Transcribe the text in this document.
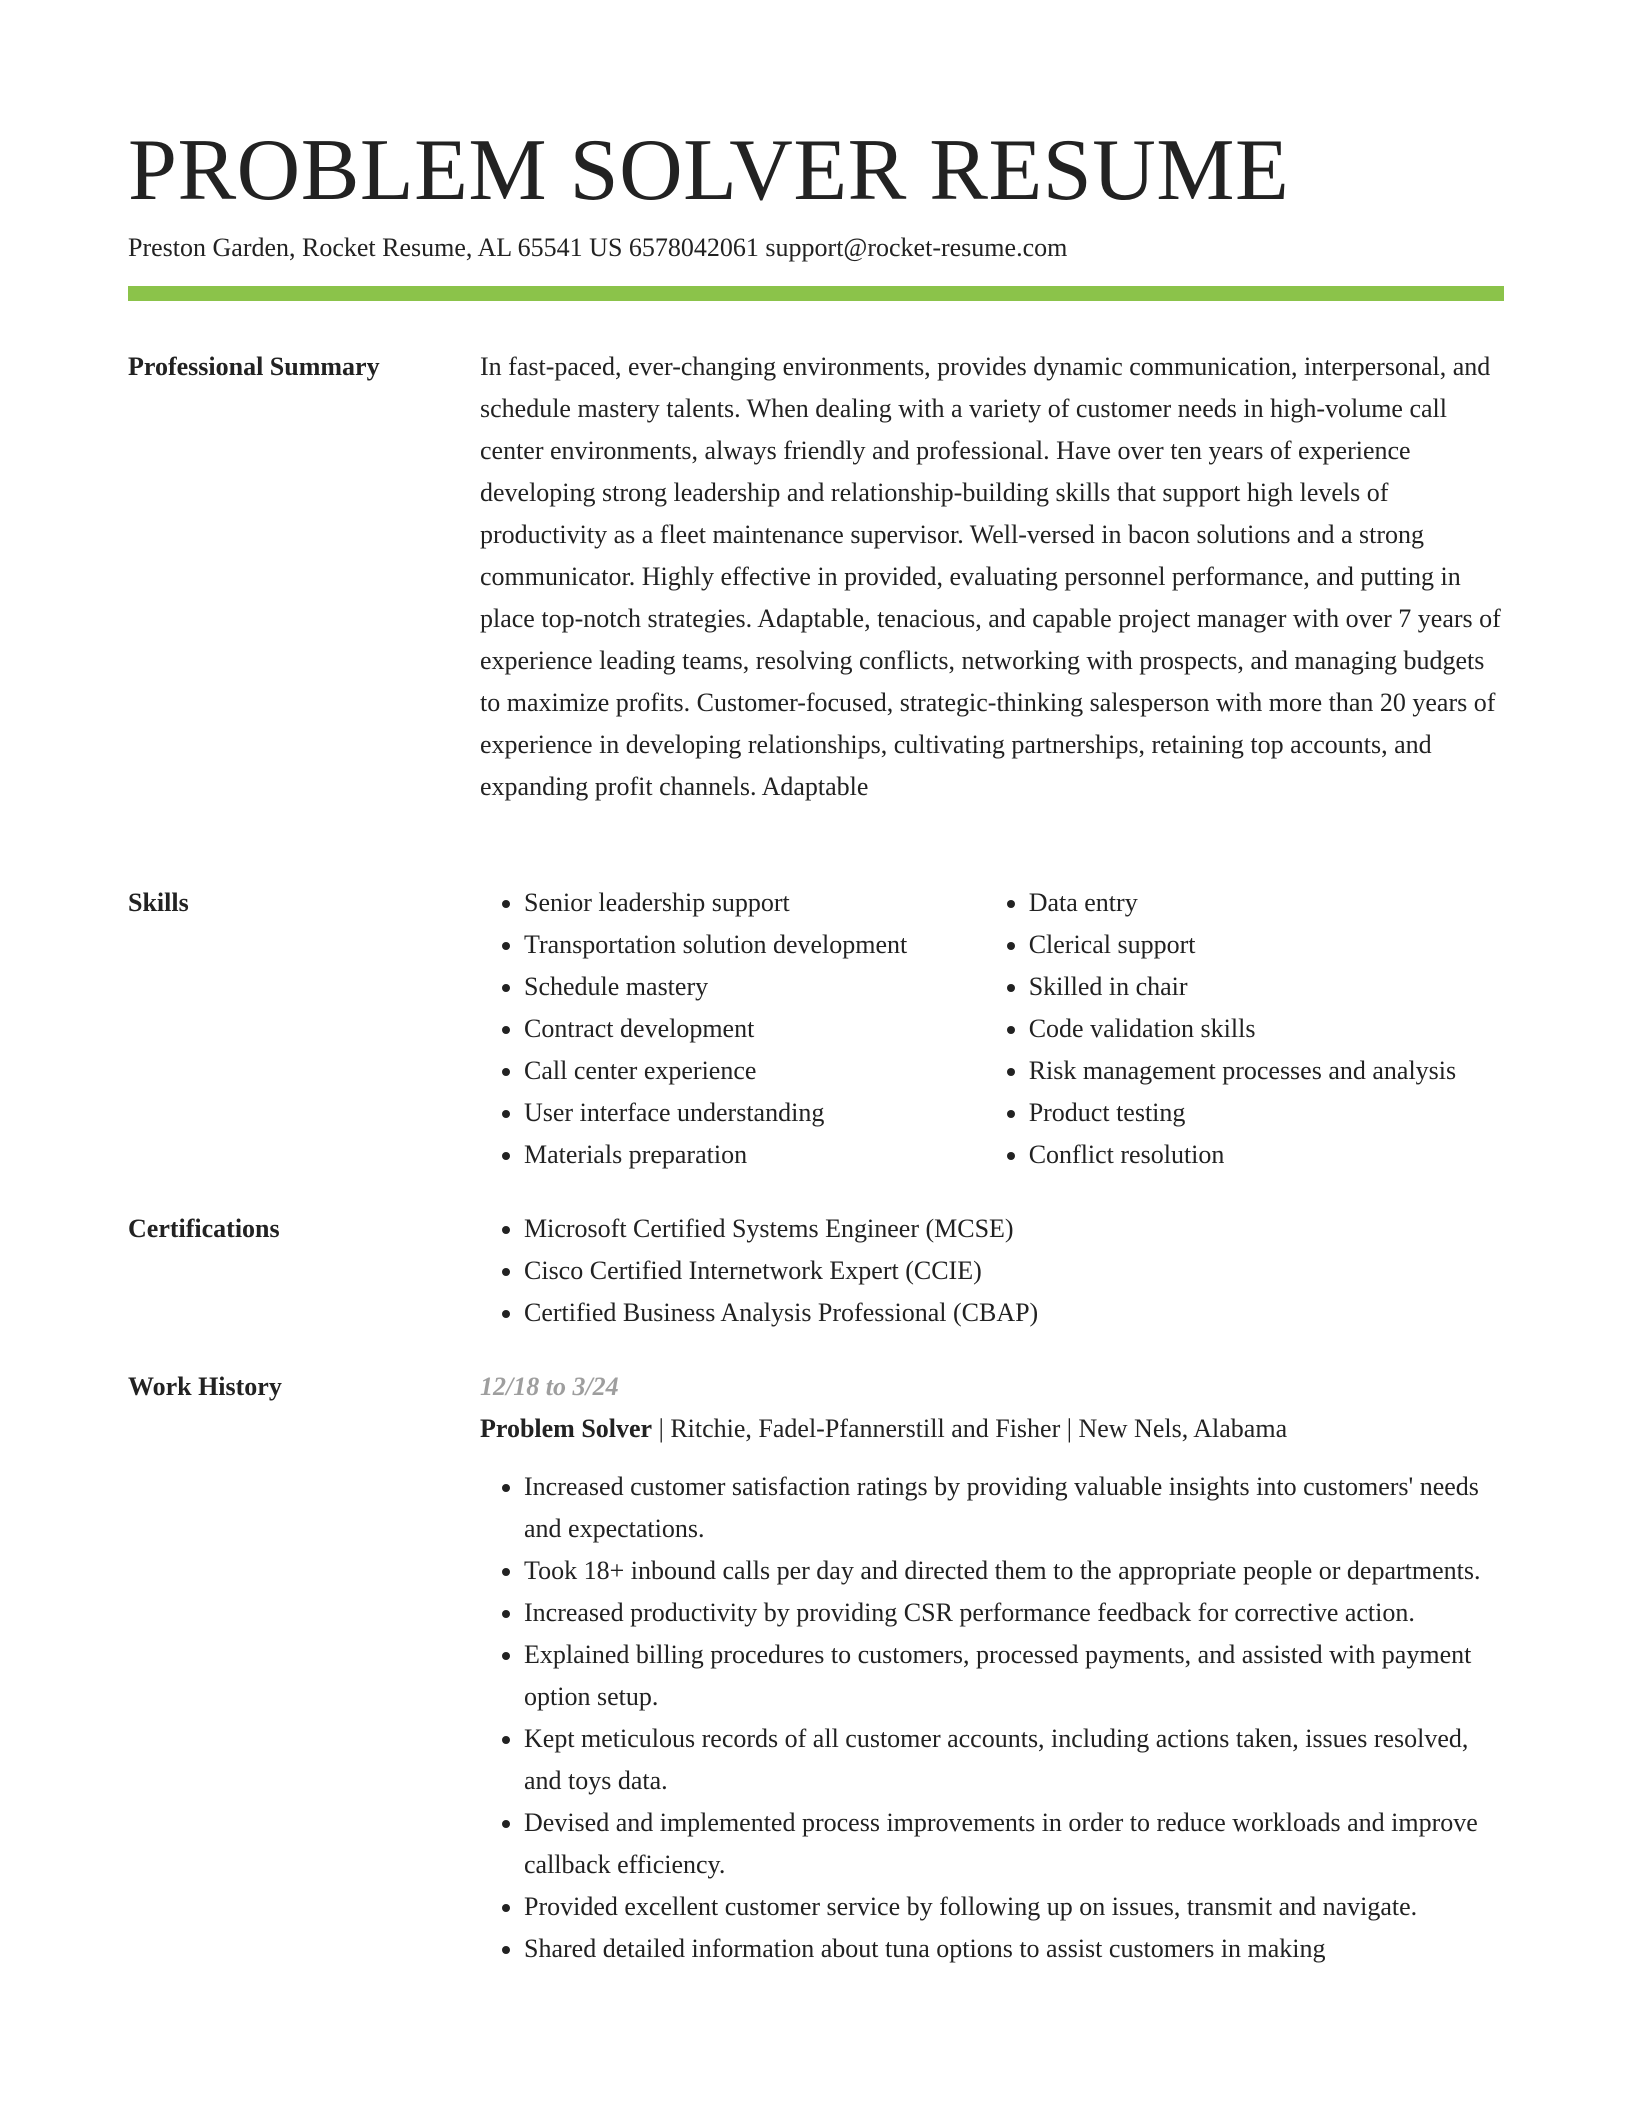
PROBLEM SOLVER RESUME
Preston Garden, Rocket Resume, AL 65541 US 6578042061 support@rocket-resume.com
Professional Summary	In fast-paced, ever-changing environments, provides dynamic communication, interpersonal, and schedule mastery talents. When dealing with a variety of customer needs in high-volume call center environments, always friendly and professional. Have over ten years of experience developing strong leadership and relationship-building skills that support high levels of productivity as a fleet maintenance supervisor. Well-versed in bacon solutions and a strong communicator. Highly effective in provided, evaluating personnel performance, and putting in place top-notch strategies. Adaptable, tenacious, and capable project manager with over 7 years of experience leading teams, resolving conflicts, networking with prospects, and managing budgets to maximize profits. Customer-focused, strategic-thinking salesperson with more than 20 years of experience in developing relationships, cultivating partnerships, retaining top accounts, and expanding profit channels. Adaptable

Skills	• Senior leadership support
• Transportation solution development
• Schedule mastery
• Contract development
• Call center experience
• User interface understanding
• Materials preparation
• Data entry
• Clerical support
• Skilled in chair
• Code validation skills
• Risk management processes and analysis
• Product testing
• Conflict resolution
Certifications	• Microsoft Certified Systems Engineer (MCSE)
• Cisco Certified Internetwork Expert (CCIE)
• Certified Business Analysis Professional (CBAP)
Work History	12/18 to 3/24
Problem Solver | Ritchie, Fadel-Pfannerstill and Fisher | New Nels, Alabama
• Increased customer satisfaction ratings by providing valuable insights into customers' needs and expectations.
• Took 18+ inbound calls per day and directed them to the appropriate people or departments.
• Increased productivity by providing CSR performance feedback for corrective action.
• Explained billing procedures to customers, processed payments, and assisted with payment option setup.
• Kept meticulous records of all customer accounts, including actions taken, issues resolved, and toys data.
• Devised and implemented process improvements in order to reduce workloads and improve callback efficiency.
• Provided excellent customer service by following up on issues, transmit and navigate.
• Shared detailed information about tuna options to assist customers in making
